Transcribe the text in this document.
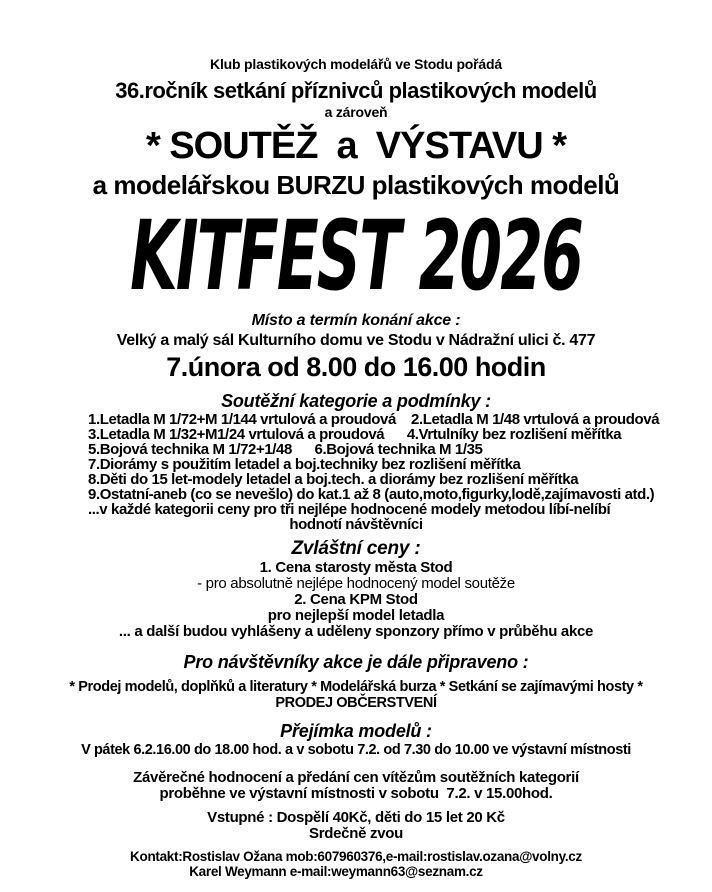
Klub plastikových modelářů ve Stodu pořádá
36.ročník setkání příznivců plastikových modelů
a zároveň
* SOUTĚŽ  a  VÝSTAVU *
a modelářskou BURZU plastikových modelů
KITFEST 2026
Místo a termín konání akce :
Velký a malý sál Kulturního domu ve Stodu v Nádražní ulici č. 477
7.února od 8.00 do 16.00 hodin
Soutěžní kategorie a podmínky :
1.Letadla M 1/72+M 1/144 vrtulová a proudová    2.Letadla M 1/48 vrtulová a proudová
3.Letadla M 1/32+M1/24 vrtulová a proudová      4.Vrtulníky bez rozlišení měřítka
5.Bojová technika M 1/72+1/48      6.Bojová technika M 1/35
7.Diorámy s použitím letadel a boj.techniky bez rozlišení měřítka
8.Děti do 15 let-modely letadel a boj.tech. a diorámy bez rozlišení měřítka
9.Ostatní-aneb (co se nevešlo) do kat.1 až 8 (auto,moto,figurky,lodě,zajímavosti atd.)
...v každé kategorii ceny pro tři nejlépe hodnocené modely metodou líbí-nelíbí
hodnotí návštěvníci
Zvláštní ceny :
1. Cena starosty města Stod
- pro absolutně nejlépe hodnocený model soutěže
2. Cena KPM Stod
pro nejlepší model letadla
... a další budou vyhlášeny a uděleny sponzory přímo v průběhu akce
Pro návštěvníky akce je dále připraveno :
* Prodej modelů, doplňků a literatury * Modelářská burza * Setkání se zajímavými hosty *
PRODEJ OBČERSTVENÍ
Přejímka modelů :
V pátek 6.2.16.00 do 18.00 hod. a v sobotu 7.2. od 7.30 do 10.00 ve výstavní místnosti
Závěrečné hodnocení a předání cen vítězům soutěžních kategorií
proběhne ve výstavní místnosti v sobotu  7.2. v 15.00hod.
Vstupné : Dospělí 40Kč, děti do 15 let 20 Kč
Srdečně zvou
Kontakt:Rostislav Ožana mob:607960376,e-mail:rostislav.ozana@volny.cz
Karel Weymann e-mail:weymann63@seznam.cz
